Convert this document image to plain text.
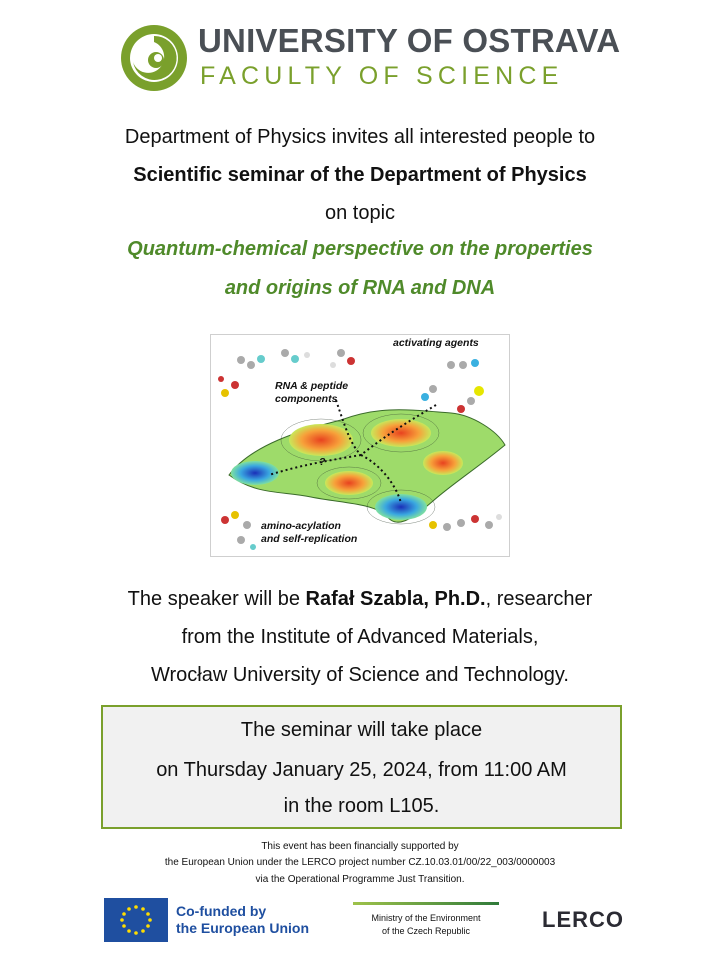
UNIVERSITY OF OSTRAVA
FACULTY OF SCIENCE
Department of Physics invites all interested people to
Scientific seminar of the Department of Physics
on topic
Quantum-chemical perspective on the properties
and origins of RNA and DNA
activating agents
RNA & peptide
components
?
amino-acylation
and self-replication
The speaker will be Rafał Szabla, Ph.D., researcher
from the Institute of Advanced Materials,
Wrocław University of Science and Technology.
The seminar will take place
on Thursday January 25, 2024, from 11:00 AM
in the room L105.
This event has been financially supported by
the European Union under the LERCO project number CZ.10.03.01/00/22_003/0000003
via the Operational Programme Just Transition.
Co-funded by
the European Union
Ministry of the Environment
of the Czech Republic	LERCO
